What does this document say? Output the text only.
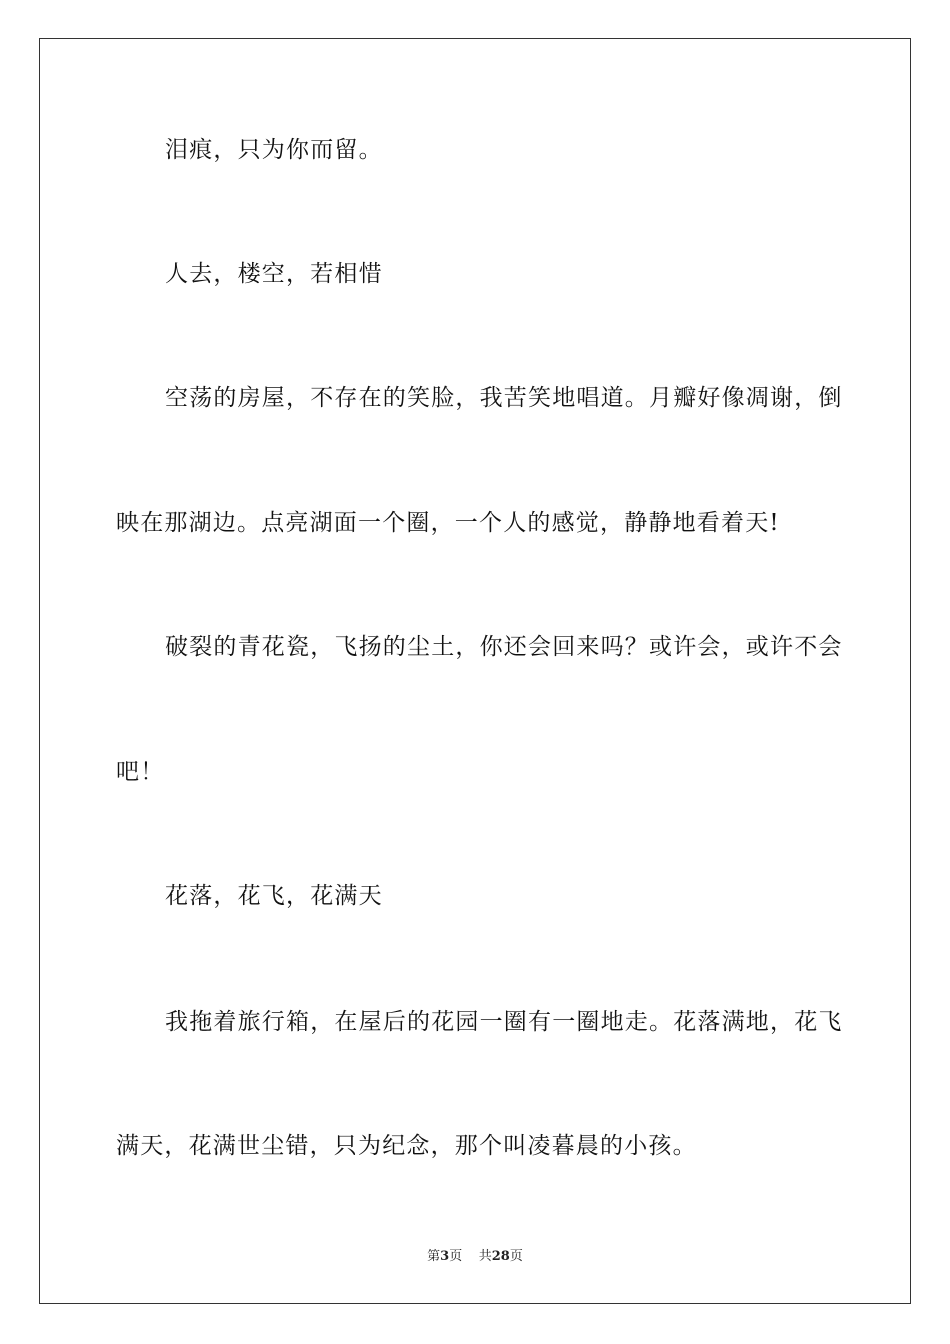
泪痕，只为你而留。
人去，楼空，若相惜
空荡的房屋，不存在的笑脸，我苦笑地唱道。月瓣好像凋谢，倒
映在那湖边。点亮湖面一个圈，一个人的感觉，静静地看着天!
破裂的青花瓷，飞扬的尘土，你还会回来吗？或许会，或许不会
吧！
花落，花飞，花满天
我拖着旅行箱，在屋后的花园一圈有一圈地走。花落满地，花飞
满天，花满世尘错，只为纪念，那个叫凌暮晨的小孩。
第3页 共28页
